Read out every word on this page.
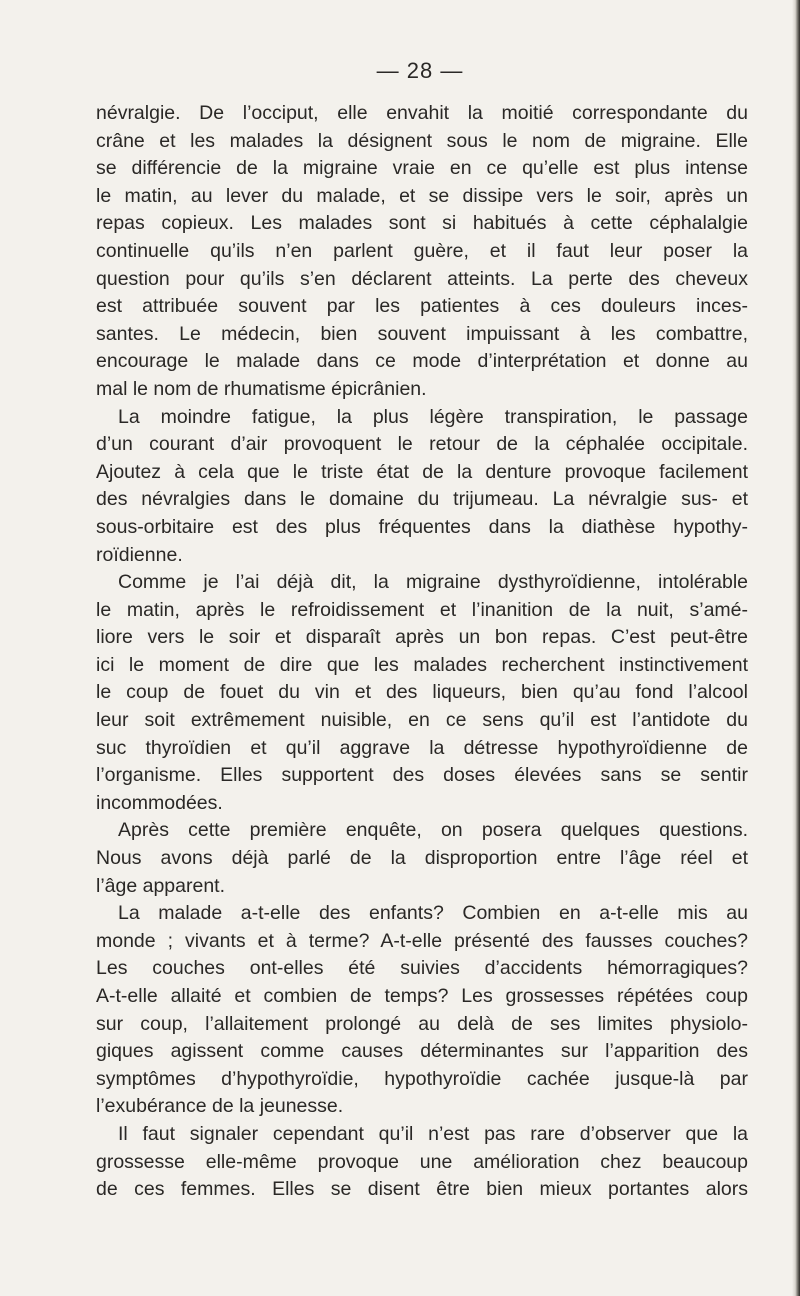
— 28 —
névralgie. De l’occiput, elle envahit la moitié correspondante du
crâne et les malades la désignent sous le nom de migraine. Elle
se différencie de la migraine vraie en ce qu’elle est plus intense
le matin, au lever du malade, et se dissipe vers le soir, après un
repas copieux. Les malades sont si habitués à cette céphalalgie
continuelle qu’ils n’en parlent guère, et il faut leur poser la
question pour qu’ils s’en déclarent atteints. La perte des cheveux
est attribuée souvent par les patientes à ces douleurs inces-
santes. Le médecin, bien souvent impuissant à les combattre,
encourage le malade dans ce mode d’interprétation et donne au
mal le nom de rhumatisme épicrânien.
La moindre fatigue, la plus légère transpiration, le passage
d’un courant d’air provoquent le retour de la céphalée occipitale.
Ajoutez à cela que le triste état de la denture provoque facilement
des névralgies dans le domaine du trijumeau. La névralgie sus- et
sous-orbitaire est des plus fréquentes dans la diathèse hypothy-
roïdienne.
Comme je l’ai déjà dit, la migraine dysthyroïdienne, intolérable
le matin, après le refroidissement et l’inanition de la nuit, s’amé-
liore vers le soir et disparaît après un bon repas. C’est peut-être
ici le moment de dire que les malades recherchent instinctivement
le coup de fouet du vin et des liqueurs, bien qu’au fond l’alcool
leur soit extrêmement nuisible, en ce sens qu’il est l’antidote du
suc thyroïdien et qu’il aggrave la détresse hypothyroïdienne de
l’organisme. Elles supportent des doses élevées sans se sentir
incommodées.
Après cette première enquête, on posera quelques questions.
Nous avons déjà parlé de la disproportion entre l’âge réel et
l’âge apparent.
La malade a-t-elle des enfants? Combien en a-t-elle mis au
monde ; vivants et à terme? A-t-elle présenté des fausses couches?
Les couches ont-elles été suivies d’accidents hémorragiques?
A-t-elle allaité et combien de temps? Les grossesses répétées coup
sur coup, l’allaitement prolongé au delà de ses limites physiolo-
giques agissent comme causes déterminantes sur l’apparition des
symptômes d’hypothyroïdie, hypothyroïdie cachée jusque-là par
l’exubérance de la jeunesse.
Il faut signaler cependant qu’il n’est pas rare d’observer que la
grossesse elle-même provoque une amélioration chez beaucoup
de ces femmes. Elles se disent être bien mieux portantes alors
